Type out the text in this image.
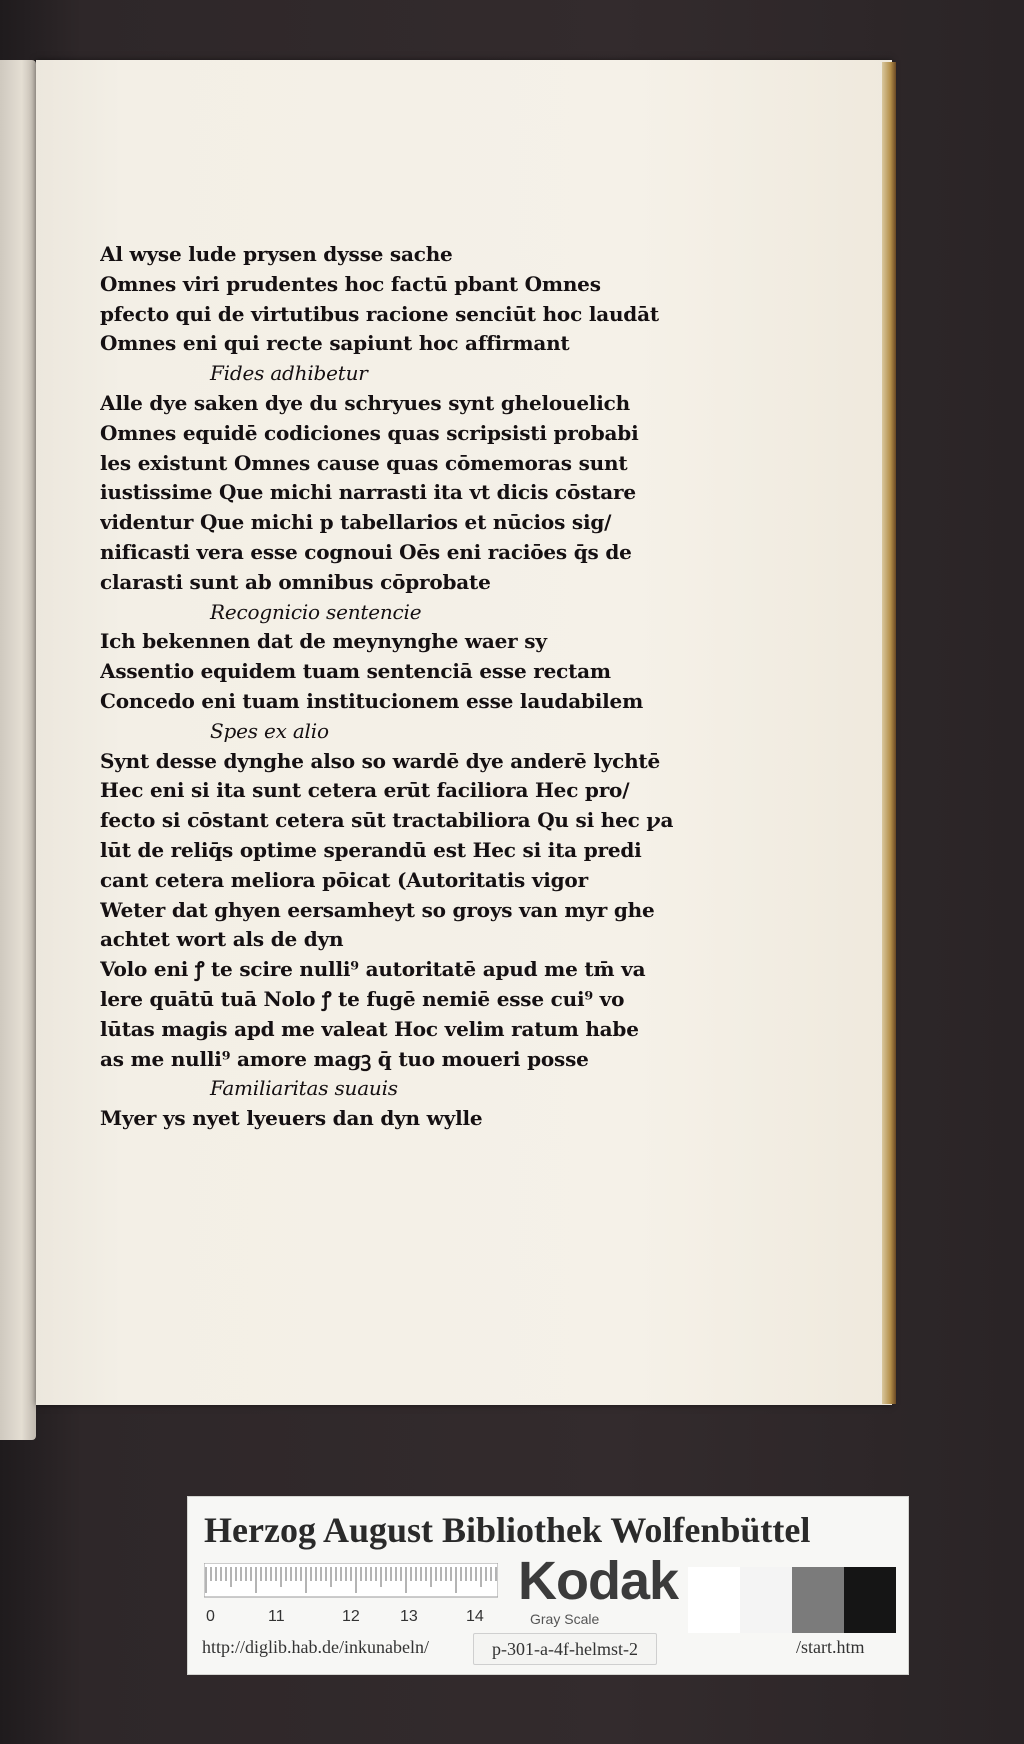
Al wyse lude prysen dysse sache
Omnes viri prudentes hoc factū pbant Omnes
pfecto qui de virtutibus racione senciūt hoc laudāt
Omnes eni qui recte sapiunt hoc affirmant
Fides adhibetur
Alle dye saken dye du schryues synt ghelouelich
Omnes equidē codiciones quas scripsisti probabi
les existunt Omnes cause quas cōmemoras sunt
iustissime Que michi narrasti ita vt dicis cōstare
videntur Que michi p tabellarios et nūcios sig/
nificasti vera esse cognoui Oēs eni raciōes q̄s de
clarasti sunt ab omnibus cōprobate
Recognicio sentencie
Ich bekennen dat de meynynghe waer sy
Assentio equidem tuam sentenciā esse rectam
Concedo eni tuam institucionem esse laudabilem
Spes ex alio
Synt desse dynghe also so wardē dye anderē lychtē
Hec eni si ita sunt cetera erūt faciliora Hec pro/
fecto si cōstant cetera sūt tractabiliora Qu si hec ꝩa
lūt de reliq̄s optime sperandū est Hec si ita predi
cant cetera meliora pōicat (Autoritatis vigor
Weter dat ghyen eersamheyt so groys van myr ghe
achtet wort als de dyn
Volo eni ꝭ te scire nulli⁹ autoritatē apud me tm̄ va
lere quātū tuā Nolo ꝭ te fugē nemiē esse cui⁹ vo
lūtas magis apd me valeat Hoc velim ratum habe
as me nulli⁹ amore magꝫ q̄ tuo moueri posse
Familiaritas suauis
Myer ys nyet lyeuers dan dyn wylle
Herzog August Bibliothek Wolfenbüttel
0	11	12	13	14
Kodak
Gray Scale
http://diglib.hab.de/inkunabeln/	p-301-a-4f-helmst-2	/start.htm
